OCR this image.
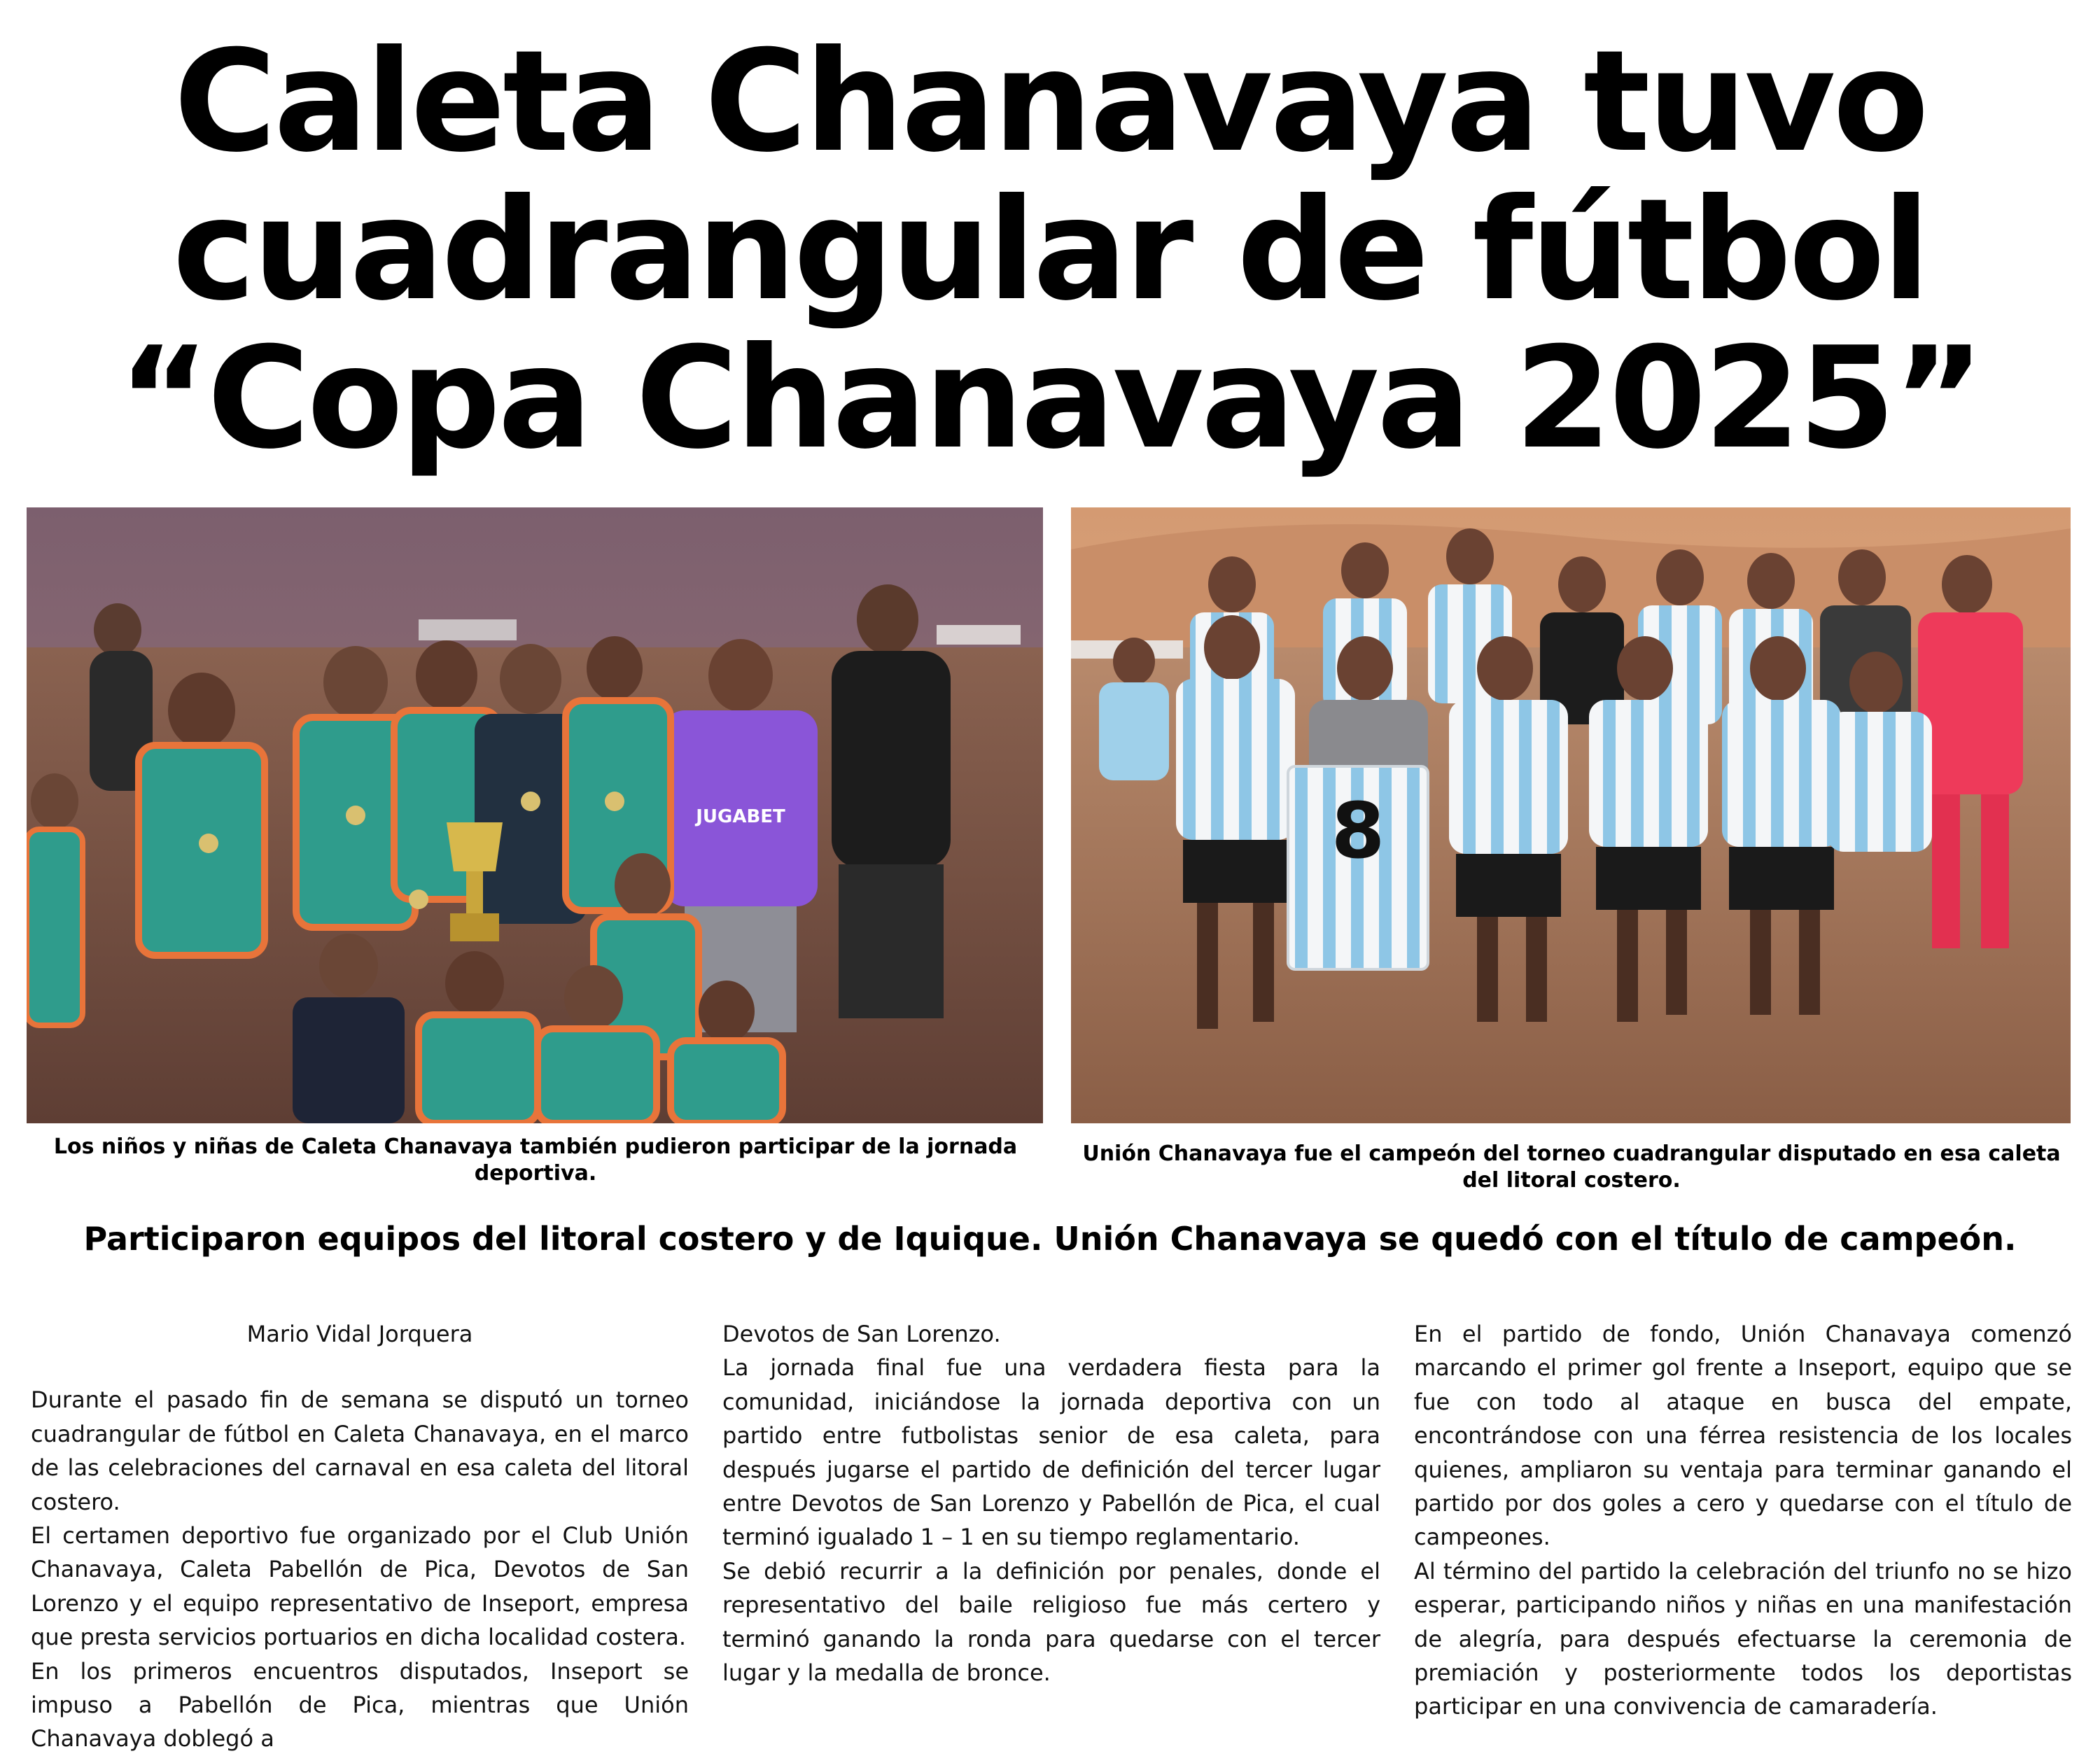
Caleta Chanavaya tuvo
cuadrangular de fútbol
“Copa Chanavaya 2025”
JUGABET	8

Los niños y niñas de Caleta Chanavaya también pudieron participar de la jornada deportiva.

Unión Chanavaya fue el campeón del torneo cuadrangular disputado en esa caleta del litoral costero.

Participaron equipos del litoral costero y de Iquique. Unión Chanavaya se quedó con el título de campeón.

Mario Vidal Jorquera

Durante el pasado fin de semana se disputó un torneo cuadrangular de fútbol en Caleta Chanavaya, en el marco de las celebraciones del carnaval en esa caleta del litoral costero.

El certamen deportivo fue organizado por el Club Unión Chanavaya, Caleta Pabellón de Pica, Devotos de San Lorenzo y el equipo representativo de Inseport, empresa que presta servicios portuarios en dicha localidad costera.

En los primeros encuentros disputados, Inseport se impuso a Pabellón de Pica, mientras que Unión Chanavaya doblegó a

Devotos de San Lorenzo.

La jornada final fue una verdadera fiesta para la comunidad, iniciándose la jornada deportiva con un partido entre futbolistas senior de esa caleta, para después jugarse el partido de definición del tercer lugar entre Devotos de San Lorenzo y Pabellón de Pica, el cual terminó igualado 1 – 1 en su tiempo reglamentario.

Se debió recurrir a la definición por penales, donde el representativo del baile religioso fue más certero y terminó ganando la ronda para quedarse con el tercer lugar y la medalla de bronce.

En el partido de fondo, Unión Chanavaya comenzó marcando el primer gol frente a Inseport, equipo que se fue con todo al ataque en busca del empate, encontrándose con una férrea resistencia de los locales quienes, ampliaron su ventaja para terminar ganando el partido por dos goles a cero y quedarse con el título de campeones.

Al término del partido la celebración del triunfo no se hizo esperar, participando niños y niñas en una manifestación de alegría, para después efectuarse la ceremonia de premiación y posteriormente todos los deportistas participar en una convivencia de camaradería.
